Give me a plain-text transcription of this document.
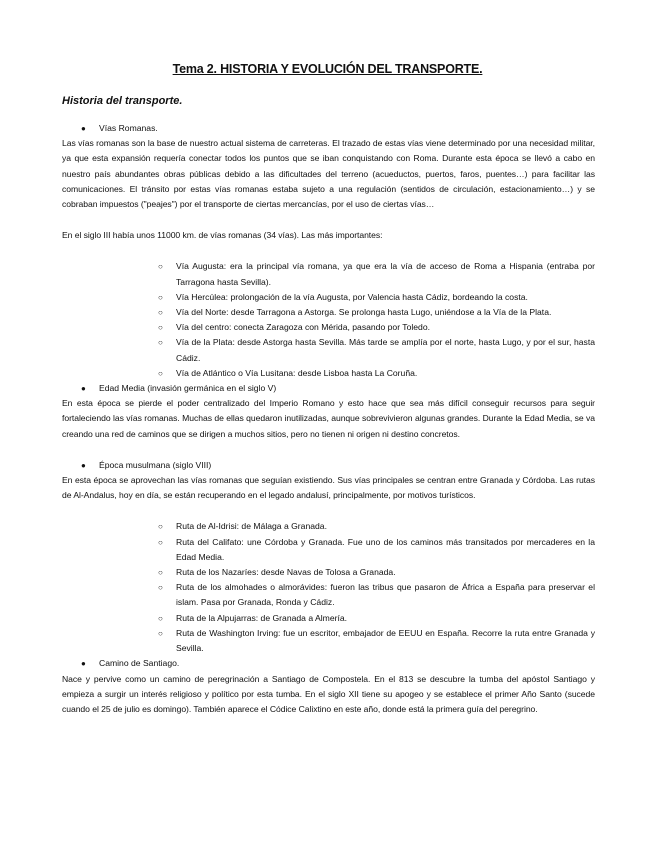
Tema 2. HISTORIA Y EVOLUCIÓN DEL TRANSPORTE.
Historia del transporte.
● Vías Romanas.

Las vías romanas son la base de nuestro actual sistema de carreteras. El trazado de estas vías viene determinado por una necesidad militar, ya que esta expansión requería conectar todos los puntos que se iban conquistando con Roma. Durante esta época se llevó a cabo en nuestro país abundantes obras públicas debido a las dificultades del terreno (acueductos, puertos, faros, puentes…) para facilitar las comunicaciones. El tránsito por estas vías romanas estaba sujeto a una regulación (sentidos de circulación, estacionamiento…) y se cobraban impuestos ("peajes") por el transporte de ciertas mercancías, por el uso de ciertas vías…

En el siglo III había unos 11000 km. de vías romanas (34 vías). Las más importantes:

○ Vía Augusta: era la principal vía romana, ya que era la vía de acceso de Roma a Hispania (entraba por Tarragona hasta Sevilla).
○ Vía Hercúlea: prolongación de la vía Augusta, por Valencia hasta Cádiz, bordeando la costa.
○ Vía del Norte: desde Tarragona a Astorga. Se prolonga hasta Lugo, uniéndose a la Vía de la Plata.
○ Vía del centro: conecta Zaragoza con Mérida, pasando por Toledo.
○ Vía de la Plata: desde Astorga hasta Sevilla. Más tarde se amplía por el norte, hasta Lugo, y por el sur, hasta Cádiz.
○ Vía de Atlántico o Vía Lusitana: desde Lisboa hasta La Coruña.
● Edad Media (invasión germánica en el siglo V)

En esta época se pierde el poder centralizado del Imperio Romano y esto hace que sea más difícil conseguir recursos para seguir fortaleciendo las vías romanas. Muchas de ellas quedaron inutilizadas, aunque sobrevivieron algunas grandes. Durante la Edad Media, se va creando una red de caminos que se dirigen a muchos sitios, pero no tienen ni origen ni destino concretos.

● Época musulmana (siglo VIII)

En esta época se aprovechan las vías romanas que seguían existiendo. Sus vías principales se centran entre Granada y Córdoba. Las rutas de Al-Andalus, hoy en día, se están recuperando en el legado andalusí, principalmente, por motivos turísticos.

○ Ruta de Al-Idrisi: de Málaga a Granada.
○ Ruta del Califato: une Córdoba y Granada. Fue uno de los caminos más transitados por mercaderes en la Edad Media.
○ Ruta de los Nazaríes: desde Navas de Tolosa a Granada.
○ Ruta de los almohades o almorávides: fueron las tribus que pasaron de África a España para preservar el islam. Pasa por Granada, Ronda y Cádiz.
○ Ruta de la Alpujarras: de Granada a Almería.
○ Ruta de Washington Irving: fue un escritor, embajador de EEUU en España. Recorre la ruta entre Granada y Sevilla.
● Camino de Santiago.

Nace y pervive como un camino de peregrinación a Santiago de Compostela. En el 813 se descubre la tumba del apóstol Santiago y empieza a surgir un interés religioso y político por esta tumba. En el siglo XII tiene su apogeo y se establece el primer Año Santo (sucede cuando el 25 de julio es domingo). También aparece el Códice Calixtino en este año, donde está la primera guía del peregrino.
